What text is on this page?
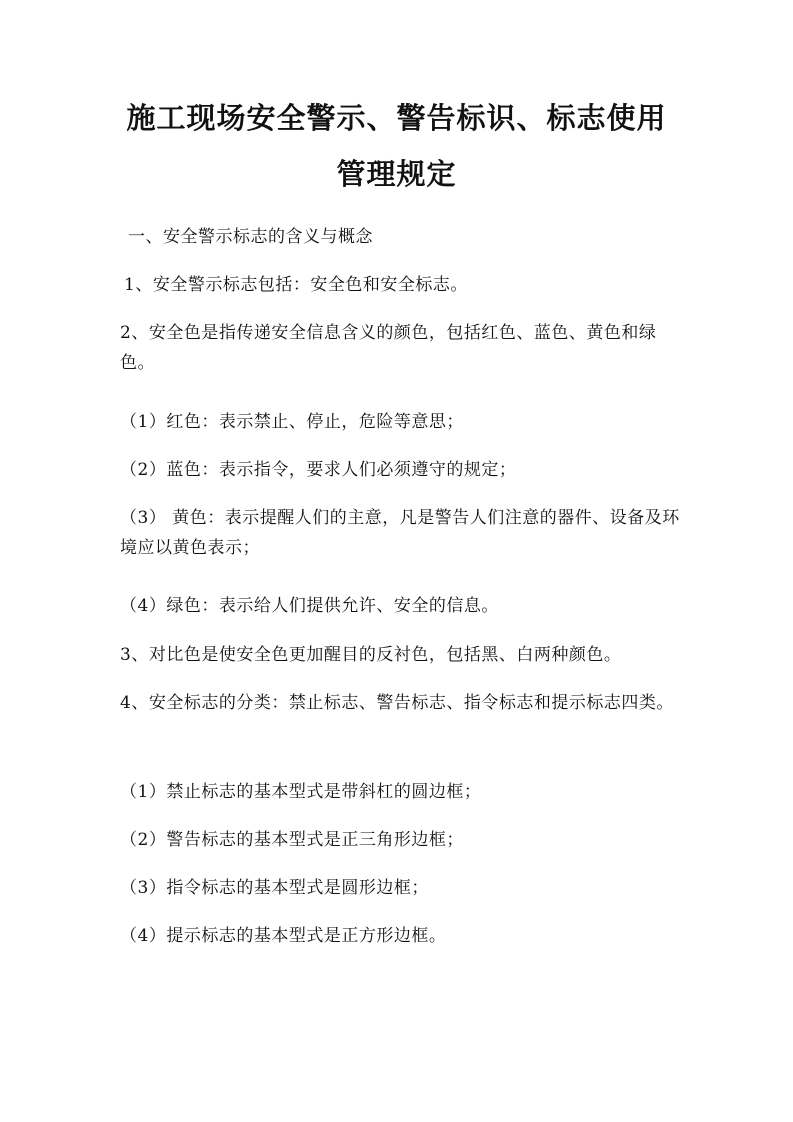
施工现场安全警示、警告标识、标志使用
管理规定

一、安全警示标志的含义与概念

1、安全警示标志包括：安全色和安全标志。

2、安全色是指传递安全信息含义的颜色，包括红色、蓝色、黄色和绿色。

（1）红色：表示禁止、停止，危险等意思；

（2）蓝色：表示指令，要求人们必须遵守的规定；

（3） 黄色：表示提醒人们的主意，凡是警告人们注意的器件、设备及环境应以黄色表示；

（4）绿色：表示给人们提供允许、安全的信息。

3、对比色是使安全色更加醒目的反衬色，包括黑、白两种颜色。

4、安全标志的分类：禁止标志、警告标志、指令标志和提示标志四类。

（1）禁止标志的基本型式是带斜杠的圆边框；

（2）警告标志的基本型式是正三角形边框；

（3）指令标志的基本型式是圆形边框；

（4）提示标志的基本型式是正方形边框。
